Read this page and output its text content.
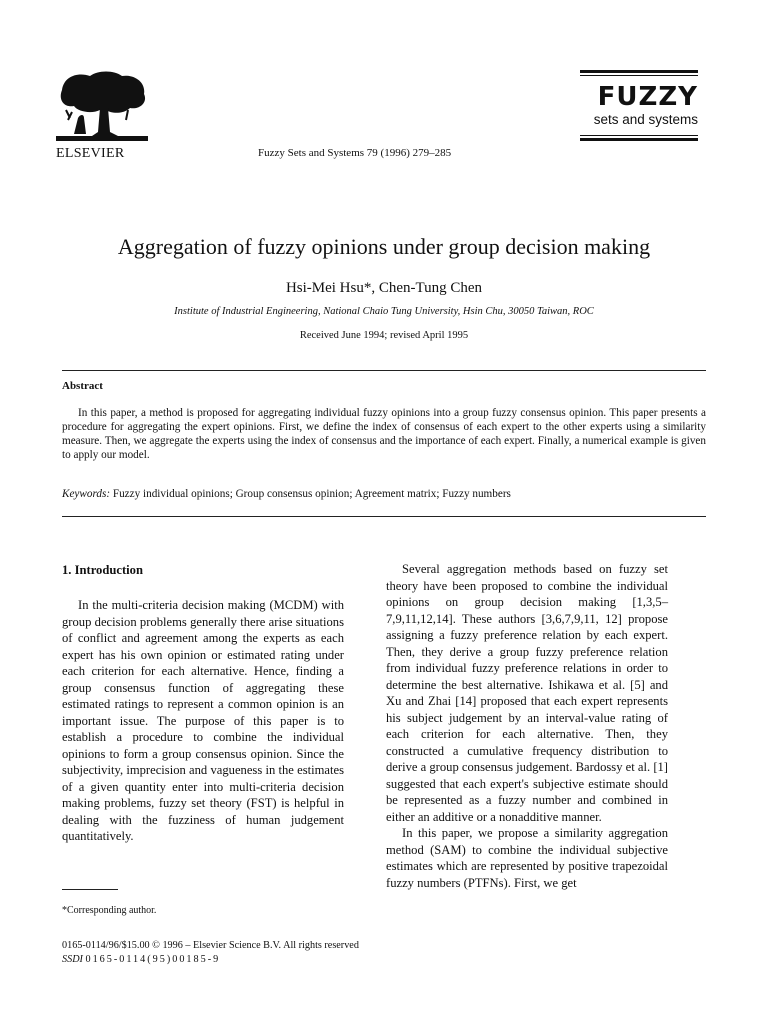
ELSEVIER	Fuzzy Sets and Systems 79 (1996) 279–285
FUZZY
sets and systems
Aggregation of fuzzy opinions under group decision making
Hsi-Mei Hsu*, Chen-Tung Chen
Institute of Industrial Engineering, National Chaio Tung University, Hsin Chu, 30050 Taiwan, ROC
Received June 1994; revised April 1995
Abstract

In this paper, a method is proposed for aggregating individual fuzzy opinions into a group fuzzy consensus opinion. This paper presents a procedure for aggregating the expert opinions. First, we define the index of consensus of each expert to the other experts using a similarity measure. Then, we aggregate the experts using the index of consensus and the importance of each expert. Finally, a numerical example is given to apply our model.

Keywords: Fuzzy individual opinions; Group consensus opinion; Agreement matrix; Fuzzy numbers
1. Introduction

In the multi-criteria decision making (MCDM) with group decision problems generally there arise situations of conflict and agreement among the experts as each expert has his own opinion or estimated rating under each criterion for each alternative. Hence, finding a group consensus function of aggregating these estimated ratings to represent a common opinion is an important issue. The purpose of this paper is to establish a procedure to combine the individual opinions to form a group consensus opinion. Since the subjectivity, imprecision and vagueness in the estimates of a given quantity enter into multi-criteria decision making problems, fuzzy set theory (FST) is helpful in dealing with the fuzziness of human judgement quantitatively.

Several aggregation methods based on fuzzy set theory have been proposed to combine the individual opinions on group decision making [1,3,5–7,9,11,12,14]. These authors [3,6,7,9,11, 12] propose assigning a fuzzy preference relation by each expert. Then, they derive a group fuzzy preference relation from individual fuzzy preference relations in order to determine the best alternative. Ishikawa et al. [5] and Xu and Zhai [14] proposed that each expert represents his subject judgement by an interval-value rating of each criterion for each alternative. Then, they constructed a cumulative frequency distribution to derive a group consensus judgement. Bardossy et al. [1] suggested that each expert's subjective estimate should be represented as a fuzzy number and combined in either an additive or a nonadditive manner.

In this paper, we propose a similarity aggregation method (SAM) to combine the individual subjective estimates which are represented by positive trapezoidal fuzzy numbers (PTFNs). First, we get

*Corresponding author.
0165-0114/96/$15.00 © 1996 – Elsevier Science B.V. All rights reserved
SSDI 0165-0114(95)00185-9
